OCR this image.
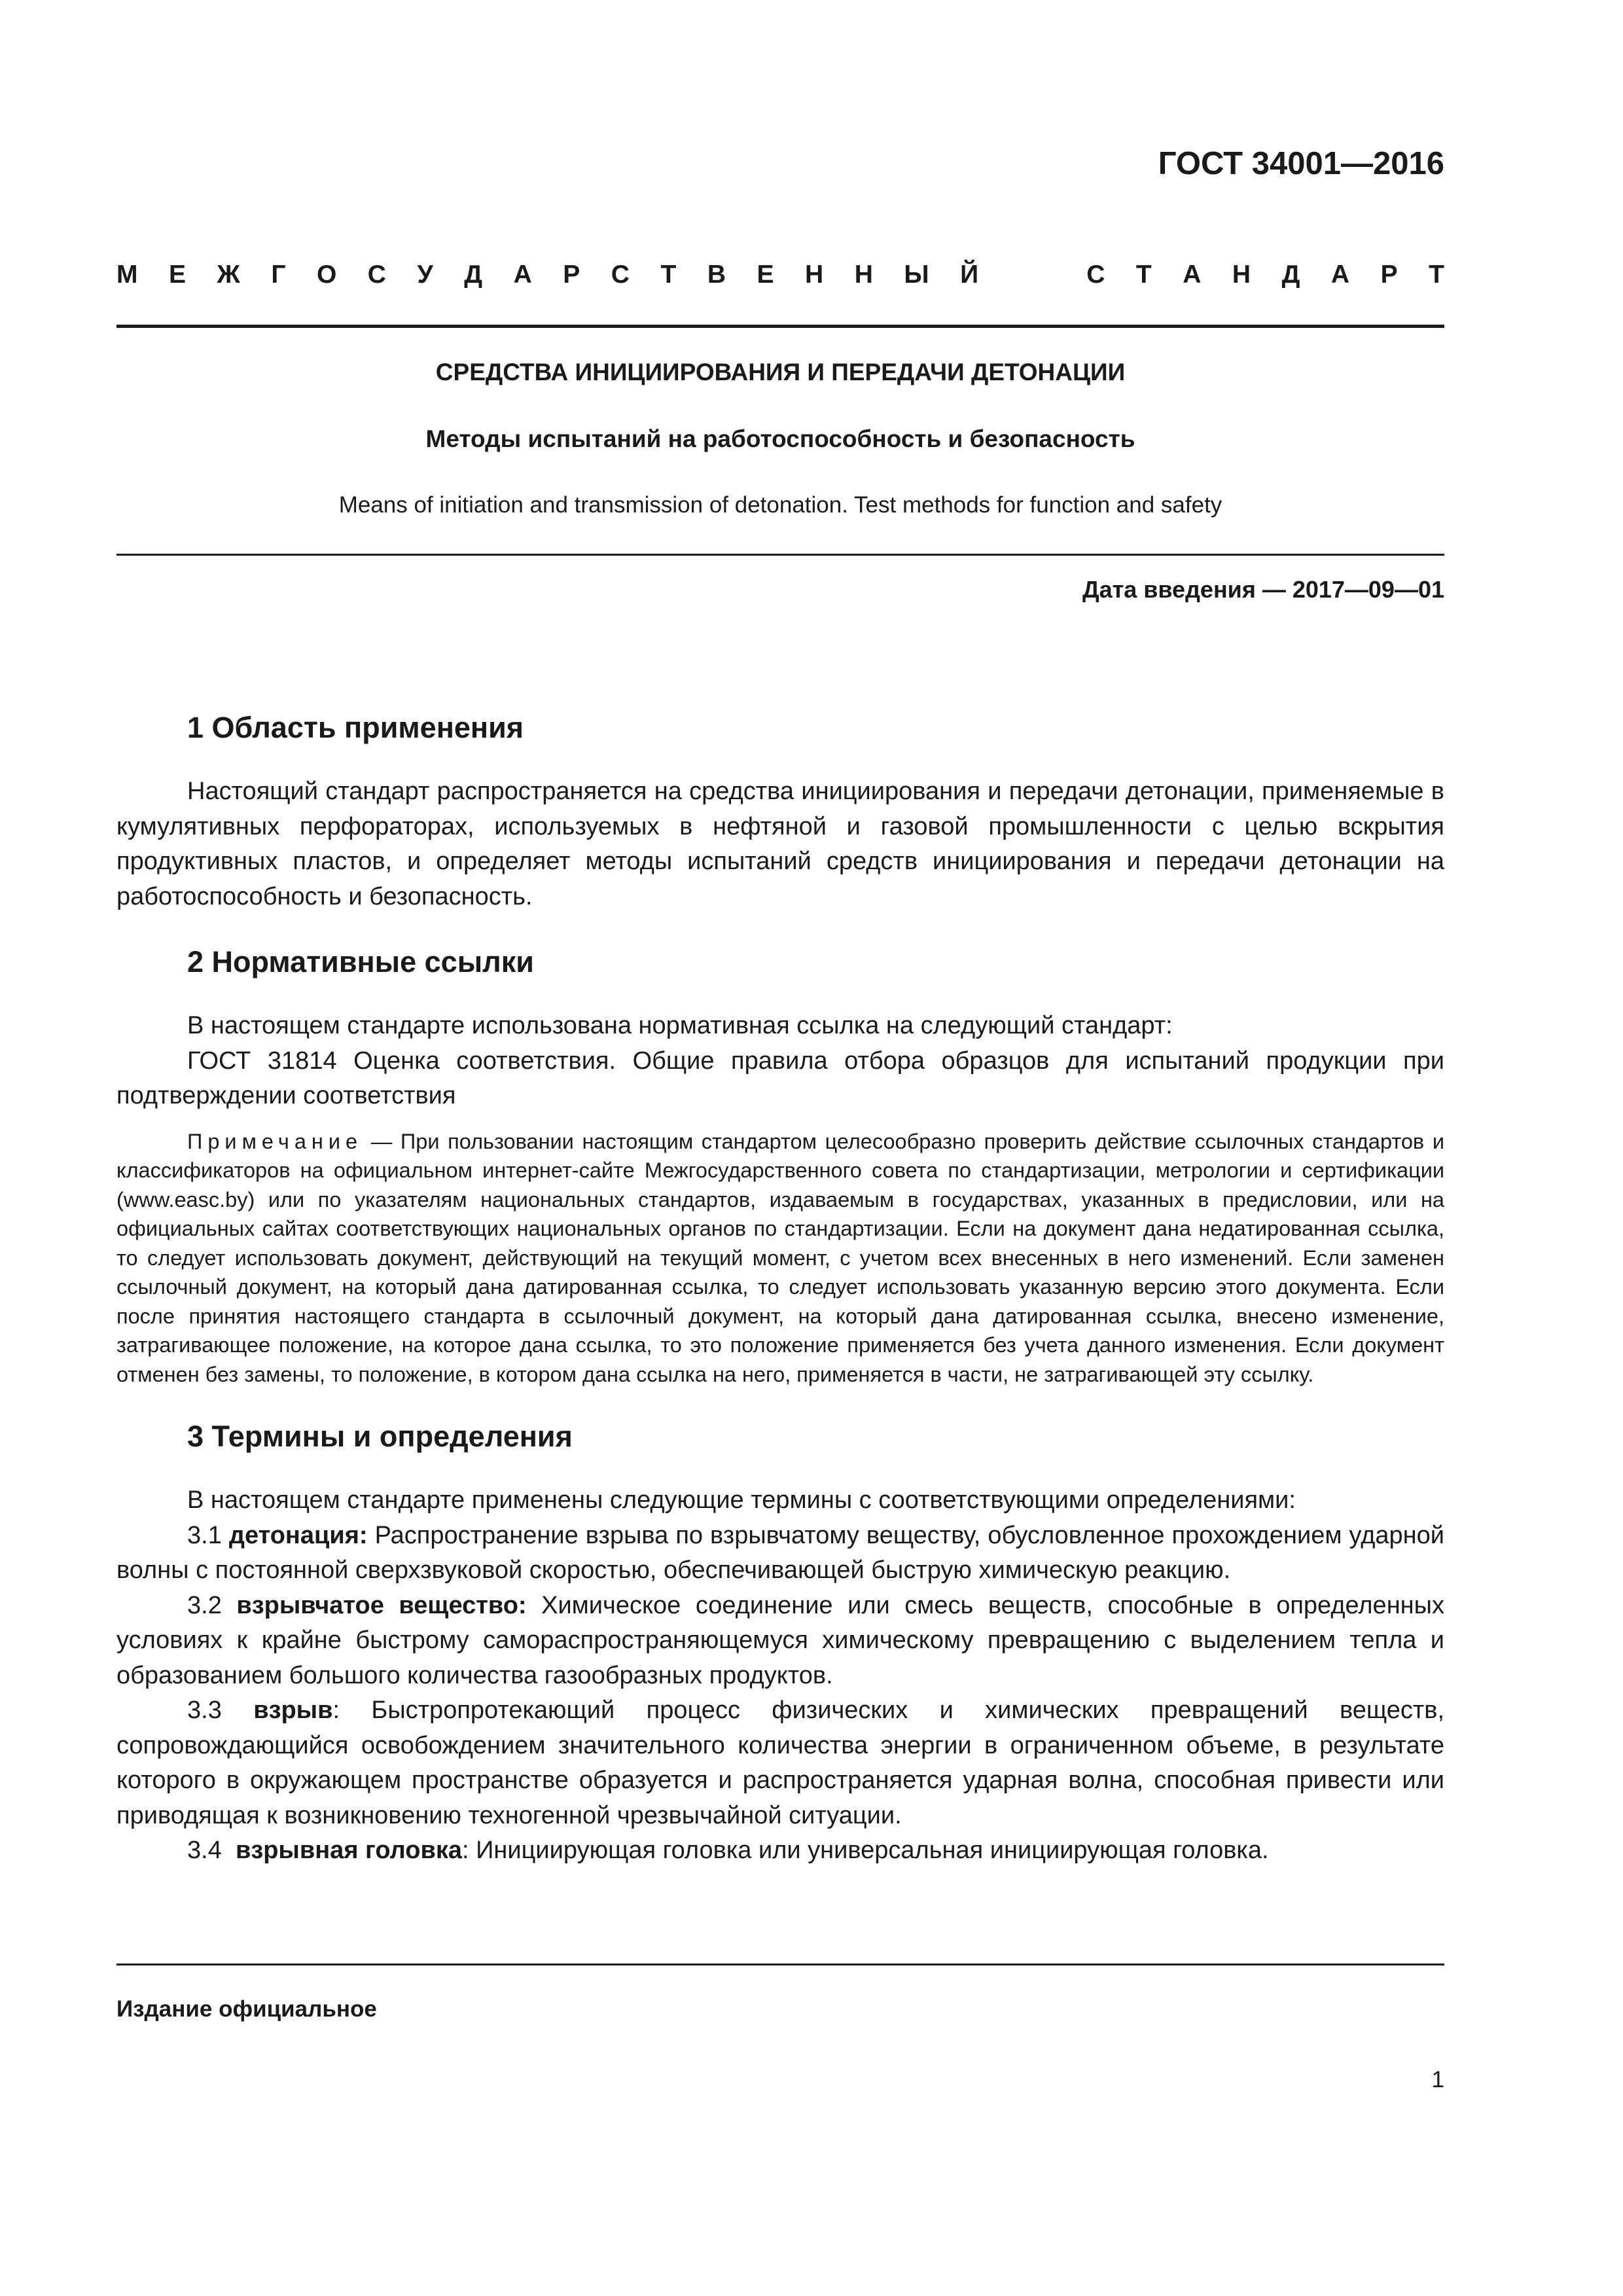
ГОСТ 34001—2016

М Е Ж Г О С У Д А Р С Т В Е Н Н Ы Й	С Т А Н Д А Р Т

СРЕДСТВА ИНИЦИИРОВАНИЯ И ПЕРЕДАЧИ ДЕТОНАЦИИ

Методы испытаний на работоспособность и безопасность

Means of initiation and transmission of detonation. Test methods for function and safety

Дата введения — 2017—09—01

1 Область применения

Настоящий стандарт распространяется на средства инициирования и передачи детонации, применяемые в кумулятивных перфораторах, используемых в нефтяной и газовой промышленности с целью вскрытия продуктивных пластов, и определяет методы испытаний средств инициирования и передачи детонации на работоспособность и безопасность.

2 Нормативные ссылки

В настоящем стандарте использована нормативная ссылка на следующий стандарт:

ГОСТ 31814 Оценка соответствия. Общие правила отбора образцов для испытаний продукции при подтверждении соответствия

Примечание — При пользовании настоящим стандартом целесообразно проверить действие ссылочных стандартов и классификаторов на официальном интернет-сайте Межгосударственного совета по стандартизации, метрологии и сертификации (www.easc.by) или по указателям национальных стандартов, издаваемым в государствах, указанных в предисловии, или на официальных сайтах соответствующих национальных органов по стандартизации. Если на документ дана недатированная ссылка, то следует использовать документ, действующий на текущий момент, с учетом всех внесенных в него изменений. Если заменен ссылочный документ, на который дана датированная ссылка, то следует использовать указанную версию этого документа. Если после принятия настоящего стандарта в ссылочный документ, на который дана датированная ссылка, внесено изменение, затрагивающее положение, на которое дана ссылка, то это положение применяется без учета данного изменения. Если документ отменен без замены, то положение, в котором дана ссылка на него, применяется в части, не затрагивающей эту ссылку.

3 Термины и определения

В настоящем стандарте применены следующие термины с соответствующими определениями:

3.1 детонация: Распространение взрыва по взрывчатому веществу, обусловленное прохождением ударной волны с постоянной сверхзвуковой скоростью, обеспечивающей быструю химическую реакцию.

3.2 взрывчатое вещество: Химическое соединение или смесь веществ, способные в определенных условиях к крайне быстрому самораспространяющемуся химическому превращению с выделением тепла и образованием большого количества газообразных продуктов.

3.3 взрыв: Быстропротекающий процесс физических и химических превращений веществ, сопровождающийся освобождением значительного количества энергии в ограниченном объеме, в результате которого в окружающем пространстве образуется и распространяется ударная волна, способная привести или приводящая к возникновению техногенной чрезвычайной ситуации.

3.4  взрывная головка: Инициирующая головка или универсальная инициирующая головка.

Издание официальное

1
